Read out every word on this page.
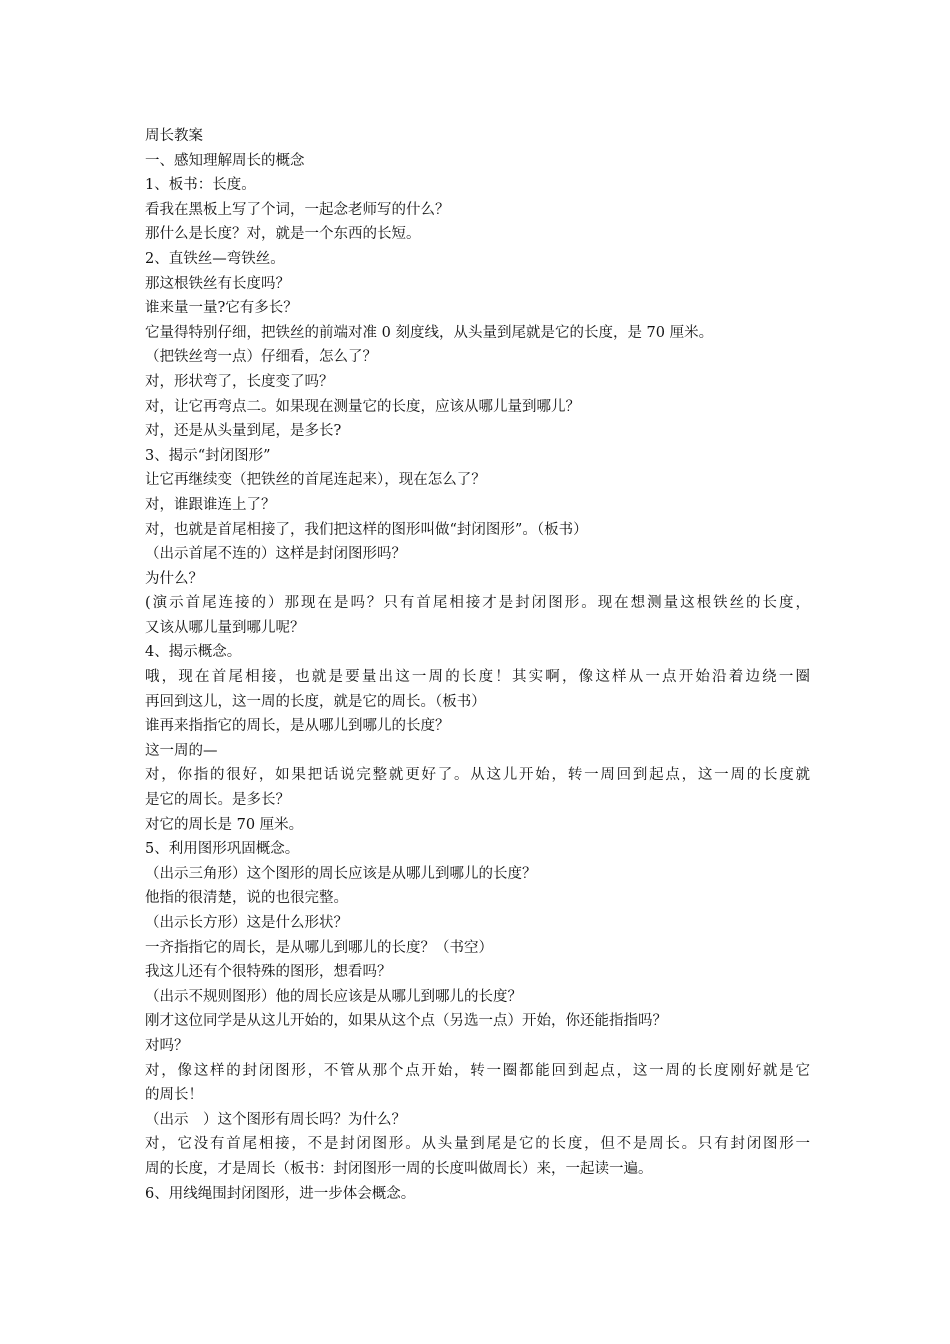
周长教案
一、感知理解周长的概念
1、板书：长度。
看我在黑板上写了个词，一起念老师写的什么？
那什么是长度？对，就是一个东西的长短。
2、直铁丝—弯铁丝。
那这根铁丝有长度吗？
谁来量一量?它有多长？
它量得特别仔细，把铁丝的前端对准 0 刻度线，从头量到尾就是它的长度，是 70 厘米。
（把铁丝弯一点）仔细看，怎么了？
对，形状弯了，长度变了吗？
对，让它再弯点二。如果现在测量它的长度，应该从哪儿量到哪儿？
对，还是从头量到尾，是多长?
3、揭示“封闭图形”
让它再继续变（把铁丝的首尾连起来），现在怎么了？
对，谁跟谁连上了？
对，也就是首尾相接了，我们把这样的图形叫做“封闭图形”。（板书）
（出示首尾不连的）这样是封闭图形吗？
为什么？
(演示首尾连接的）那现在是吗？只有首尾相接才是封闭图形。现在想测量这根铁丝的长度，
又该从哪儿量到哪儿呢？
4、揭示概念。
哦，现在首尾相接，也就是要量出这一周的长度！其实啊，像这样从一点开始沿着边绕一圈
再回到这儿，这一周的长度，就是它的周长。（板书）
谁再来指指它的周长，是从哪儿到哪儿的长度？
这一周的—
对，你指的很好，如果把话说完整就更好了。从这儿开始，转一周回到起点，这一周的长度就
是它的周长。是多长？
对它的周长是 70 厘米。
5、利用图形巩固概念。
（出示三角形）这个图形的周长应该是从哪儿到哪儿的长度？
他指的很清楚，说的也很完整。
（出示长方形）这是什么形状？
一齐指指它的周长，是从哪儿到哪儿的长度？（书空）
我这儿还有个很特殊的图形，想看吗？
（出示不规则图形）他的周长应该是从哪儿到哪儿的长度？
刚才这位同学是从这儿开始的，如果从这个点（另选一点）开始，你还能指指吗？
对吗？
对，像这样的封闭图形，不管从那个点开始，转一圈都能回到起点，这一周的长度刚好就是它
的周长！
（出示　）这个图形有周长吗？为什么？
对，它没有首尾相接，不是封闭图形。从头量到尾是它的长度，但不是周长。只有封闭图形一
周的长度，才是周长（板书：封闭图形一周的长度叫做周长）来，一起读一遍。
6、用线绳围封闭图形，进一步体会概念。
